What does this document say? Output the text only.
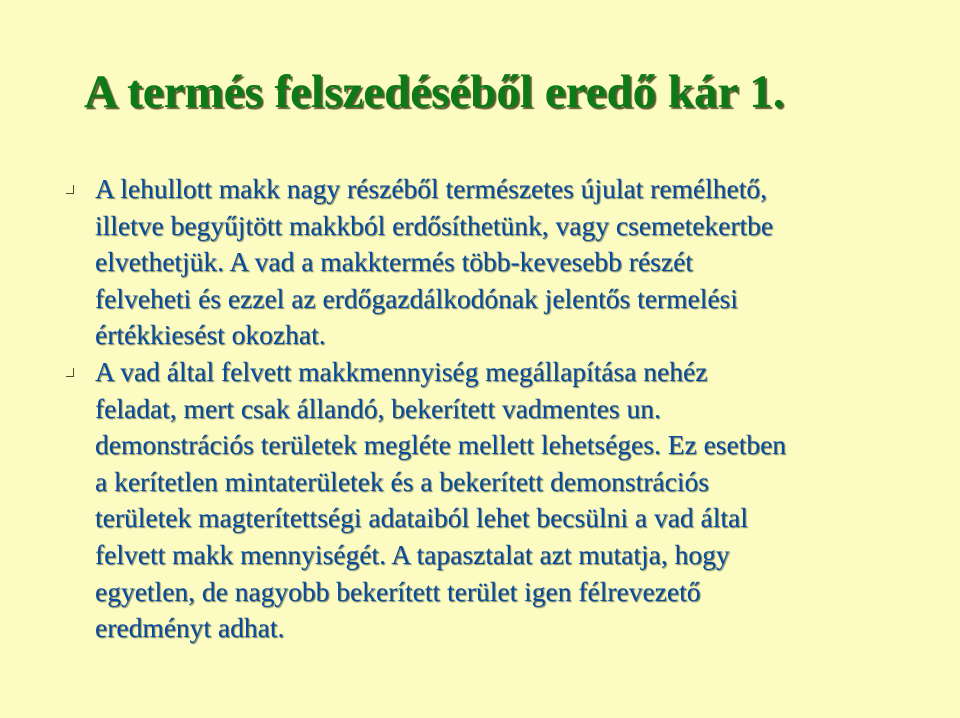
A termés felszedéséből eredő kár 1.
A lehullott makk nagy részéből természetes újulat remélhető,
illetve begyűjtött makkból erdősíthetünk, vagy csemetekertbe
elvethetjük. A vad a makktermés több-kevesebb részét
felveheti és ezzel az erdőgazdálkodónak jelentős termelési
értékkiesést okozhat.
A vad által felvett makkmennyiség megállapítása nehéz
feladat, mert csak állandó, bekerített vadmentes un.
demonstrációs területek megléte mellett lehetséges. Ez esetben
a kerítetlen mintaterületek és a bekerített demonstrációs
területek magterítettségi adataiból lehet becsülni a vad által
felvett makk mennyiségét. A tapasztalat azt mutatja, hogy
egyetlen, de nagyobb bekerített terület igen félrevezető
eredményt adhat.
